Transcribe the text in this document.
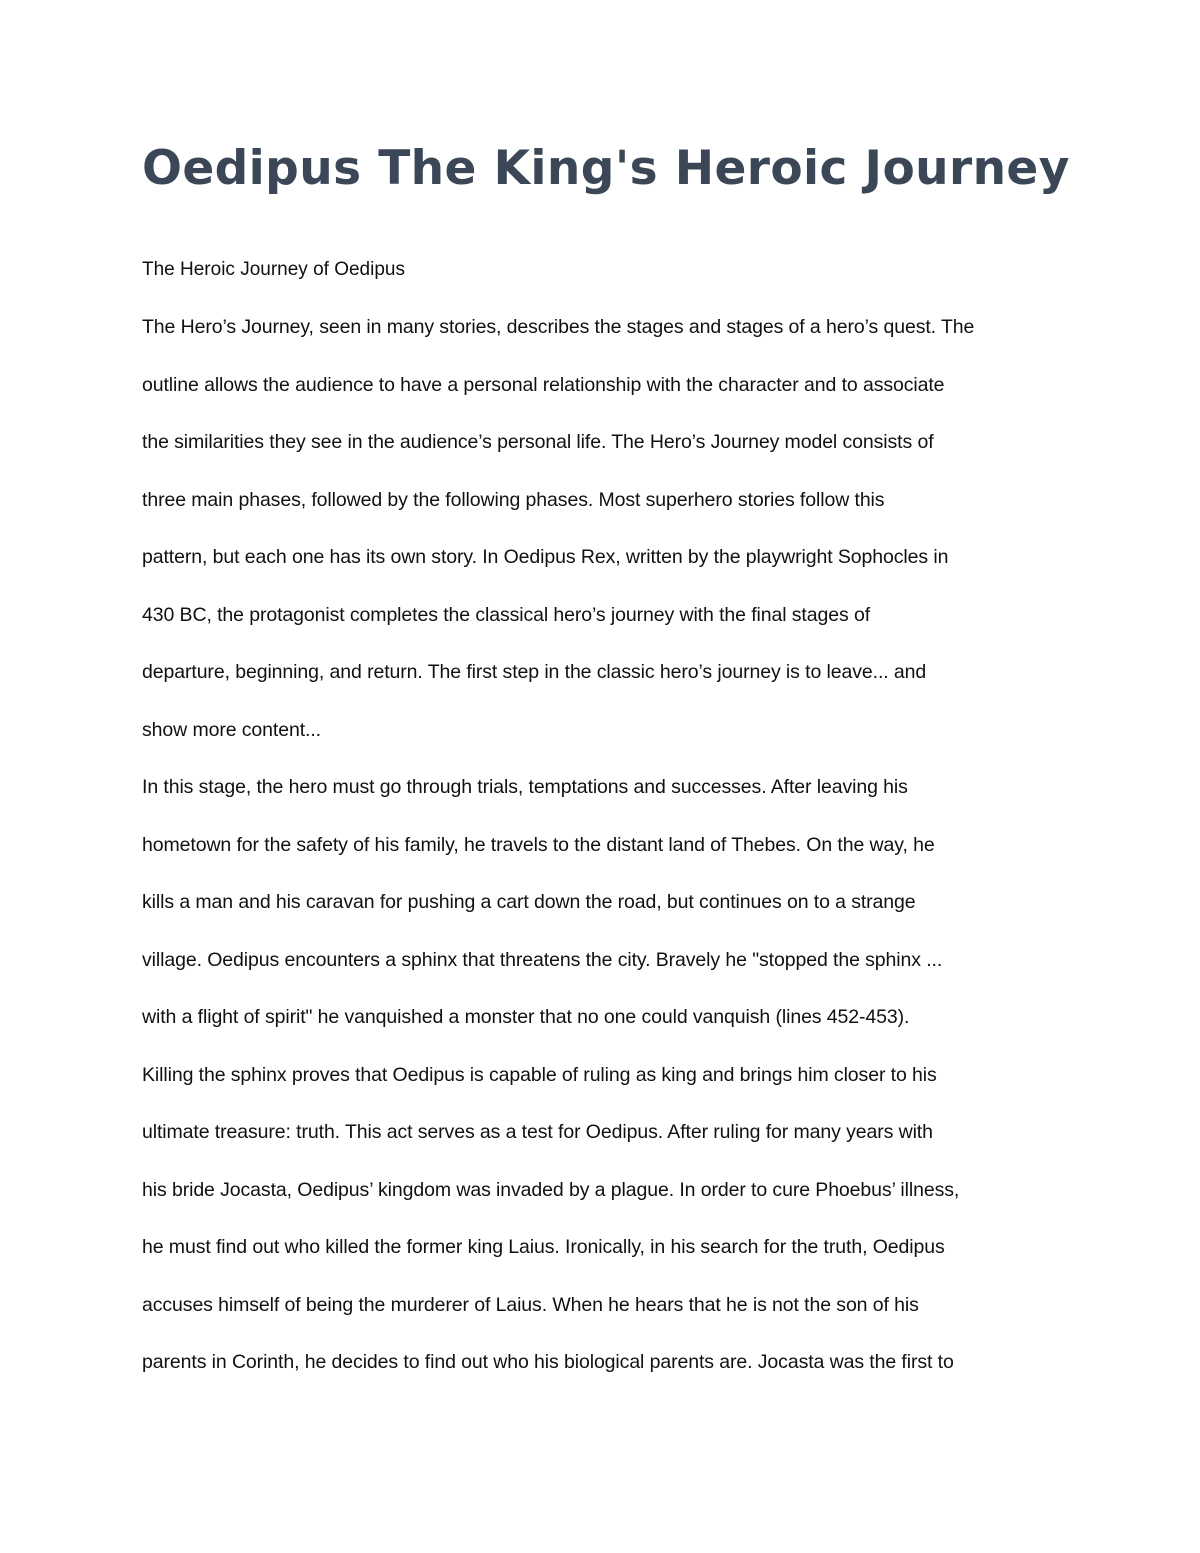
Oedipus The King's Heroic Journey

The Heroic Journey of Oedipus

The Hero’s Journey, seen in many stories, describes the stages and stages of a hero’s quest. The
outline allows the audience to have a personal relationship with the character and to associate
the similarities they see in the audience’s personal life. The Hero’s Journey model consists of
three main phases, followed by the following phases. Most superhero stories follow this
pattern, but each one has its own story. In Oedipus Rex, written by the playwright Sophocles in
430 BC, the protagonist completes the classical hero’s journey with the final stages of
departure, beginning, and return. The first step in the classic hero’s journey is to leave... and
show more content...
In this stage, the hero must go through trials, temptations and successes. After leaving his
hometown for the safety of his family, he travels to the distant land of Thebes. On the way, he
kills a man and his caravan for pushing a cart down the road, but continues on to a strange
village. Oedipus encounters a sphinx that threatens the city. Bravely he "stopped the sphinx ...
with a flight of spirit" he vanquished a monster that no one could vanquish (lines 452-453).
Killing the sphinx proves that Oedipus is capable of ruling as king and brings him closer to his
ultimate treasure: truth. This act serves as a test for Oedipus. After ruling for many years with
his bride Jocasta, Oedipus’ kingdom was invaded by a plague. In order to cure Phoebus’ illness,
he must find out who killed the former king Laius. Ironically, in his search for the truth, Oedipus
accuses himself of being the murderer of Laius. When he hears that he is not the son of his
parents in Corinth, he decides to find out who his biological parents are. Jocasta was the first to
